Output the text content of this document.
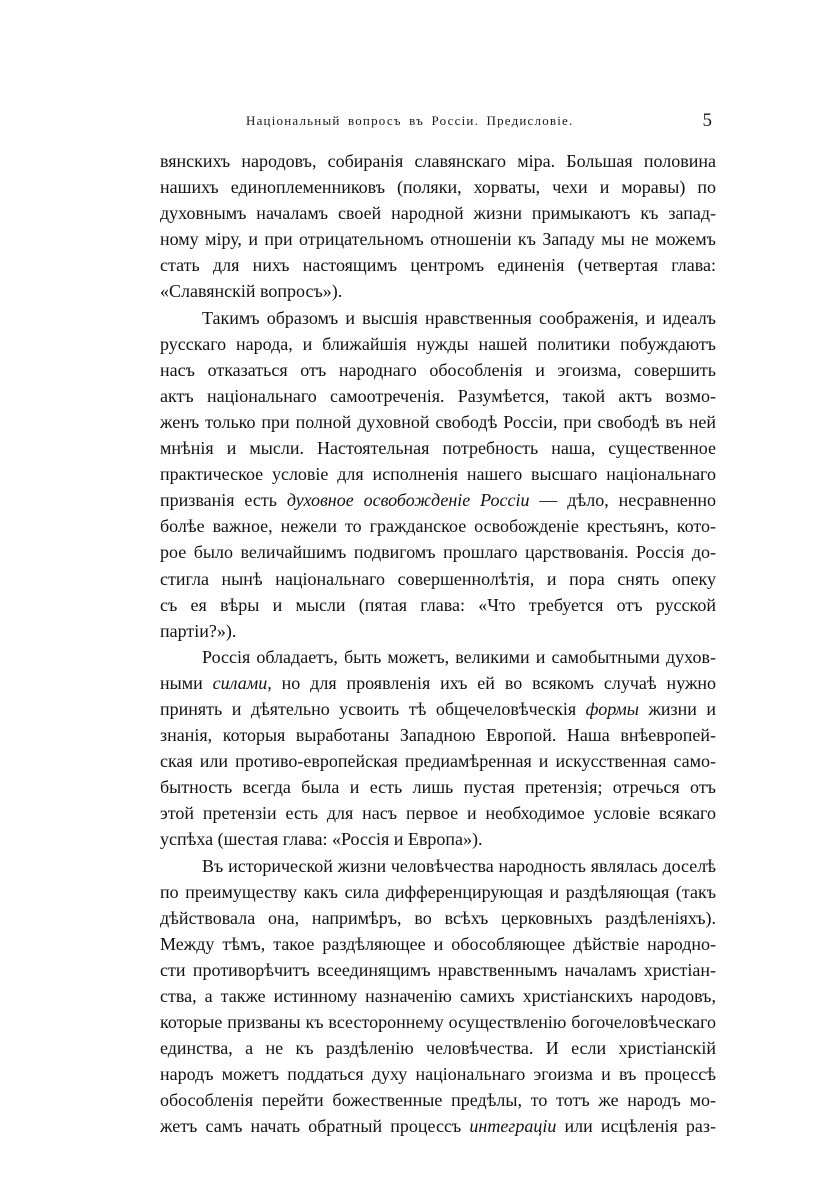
Національный вопросъ въ Россіи. Предисловіе.	5
вянскихъ народовъ, собиранія славянскаго міра. Большая половина
нашихъ единоплеменниковъ (поляки, хорваты, чехи и моравы) по
духовнымъ началамъ своей народной жизни примыкаютъ къ запад-
ному міру, и при отрицательномъ отношеніи къ Западу мы не можемъ
стать для нихъ настоящимъ центромъ единенія (четвертая глава:
«Славянскій вопросъ»).
Такимъ образомъ и высшія нравственныя соображенія, и идеалъ
русскаго народа, и ближайшія нужды нашей политики побуждаютъ
насъ отказаться отъ народнаго обособленія и эгоизма, совершить
актъ національнаго самоотреченія. Разумѣется, такой актъ возмо-
женъ только при полной духовной свободѣ Россіи, при свободѣ въ ней
мнѣнія и мысли. Настоятельная потребность наша, существенное
практическое условіе для исполненія нашего высшаго національнаго
призванія есть духовное освобожденіе Россіи — дѣло, несравненно
болѣе важное, нежели то гражданское освобожденіе крестьянъ, кото-
рое было величайшимъ подвигомъ прошлаго царствованія. Россія до-
стигла нынѣ національнаго совершеннолѣтія, и пора снять опеку
съ ея вѣры и мысли (пятая глава: «Что требуется отъ русской
партіи?»).
Россія обладаетъ, быть можетъ, великими и самобытными духов-
ными силами, но для проявленія ихъ ей во всякомъ случаѣ нужно
принять и дѣятельно усвоить тѣ общечеловѣческія формы жизни и
знанія, которыя выработаны Западною Европой. Наша внѣевропей-
ская или противо-европейская предиамѣренная и искусственная само-
бытность всегда была и есть лишь пустая претензія; отречься отъ
этой претензіи есть для насъ первое и необходимое условіе всякаго
успѣха (шестая глава: «Россія и Европа»).
Въ исторической жизни человѣчества народность являлась доселѣ
по преимуществу какъ сила дифференцирующая и раздѣляющая (такъ
дѣйствовала она, напримѣръ, во всѣхъ церковныхъ раздѣленіяхъ).
Между тѣмъ, такое раздѣляющее и обособляющее дѣйствіе народно-
сти противорѣчитъ всеединящимъ нравственнымъ началамъ христіан-
ства, а также истинному назначенію самихъ христіанскихъ народовъ,
которые призваны къ всестороннему осуществленію богочеловѣческаго
единства, а не къ раздѣленію человѣчества. И если христіанскій
народъ можетъ поддаться духу національнаго эгоизма и въ процессѣ
обособленія перейти божественные предѣлы, то тотъ же народъ мо-
жетъ самъ начать обратный процессъ интеграціи или исцѣленія раз-
